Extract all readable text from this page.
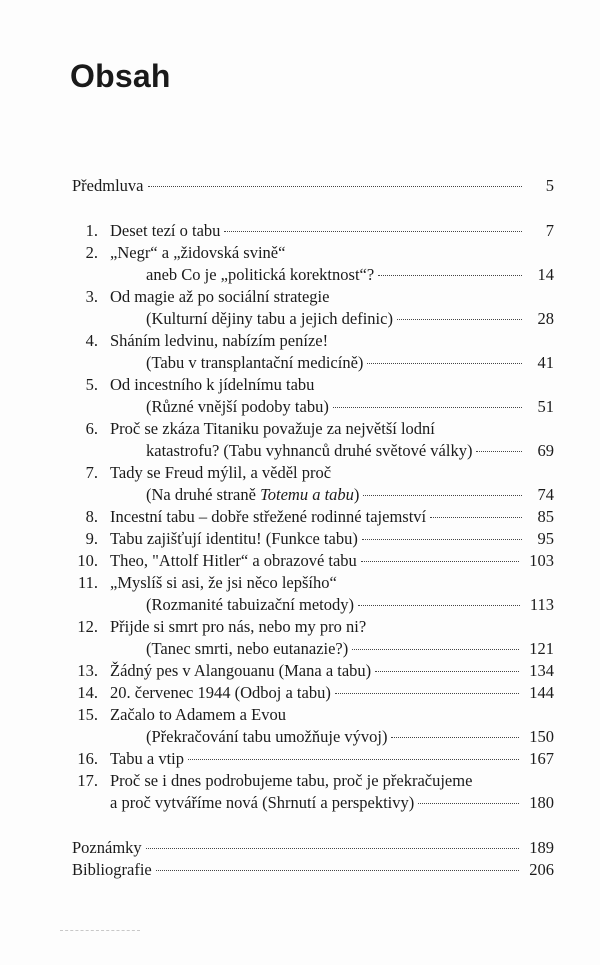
Obsah
Předmluva	5
1. Deset tezí o tabu	7
2. „Negr“ a „židovská svině“
aneb Co je „politická korektnost“?	14
3. Od magie až po sociální strategie
(Kulturní dějiny tabu a jejich definic)	28
4. Sháním ledvinu, nabízím peníze!
(Tabu v transplantační medicíně)	41
5. Od incestního k jídelnímu tabu
(Různé vnější podoby tabu)	51
6. Proč se zkáza Titaniku považuje za největší lodní
katastrofu? (Tabu vyhnanců druhé světové války)	69
7. Tady se Freud mýlil, a věděl proč
(Na druhé straně Totemu a tabu)	74
8. Incestní tabu – dobře střežené rodinné tajemství	85
9. Tabu zajišťují identitu! (Funkce tabu)	95
10. Theo, "Attolf Hitler“ a obrazové tabu	103
11. „Myslíš si asi, že jsi něco lepšího“
(Rozmanité tabuizační metody)	113
12. Přijde si smrt pro nás, nebo my pro ni?
(Tanec smrti, nebo eutanazie?)	121
13. Žádný pes v Alangouanu (Mana a tabu)	134
14. 20. červenec 1944 (Odboj a tabu)	144
15. Začalo to Adamem a Evou
(Překračování tabu umožňuje vývoj)	150
16. Tabu a vtip	167
17. Proč se i dnes podrobujeme tabu, proč je překračujeme
a proč vytváříme nová (Shrnutí a perspektivy)	180
Poznámky	189
Bibliografie	206
